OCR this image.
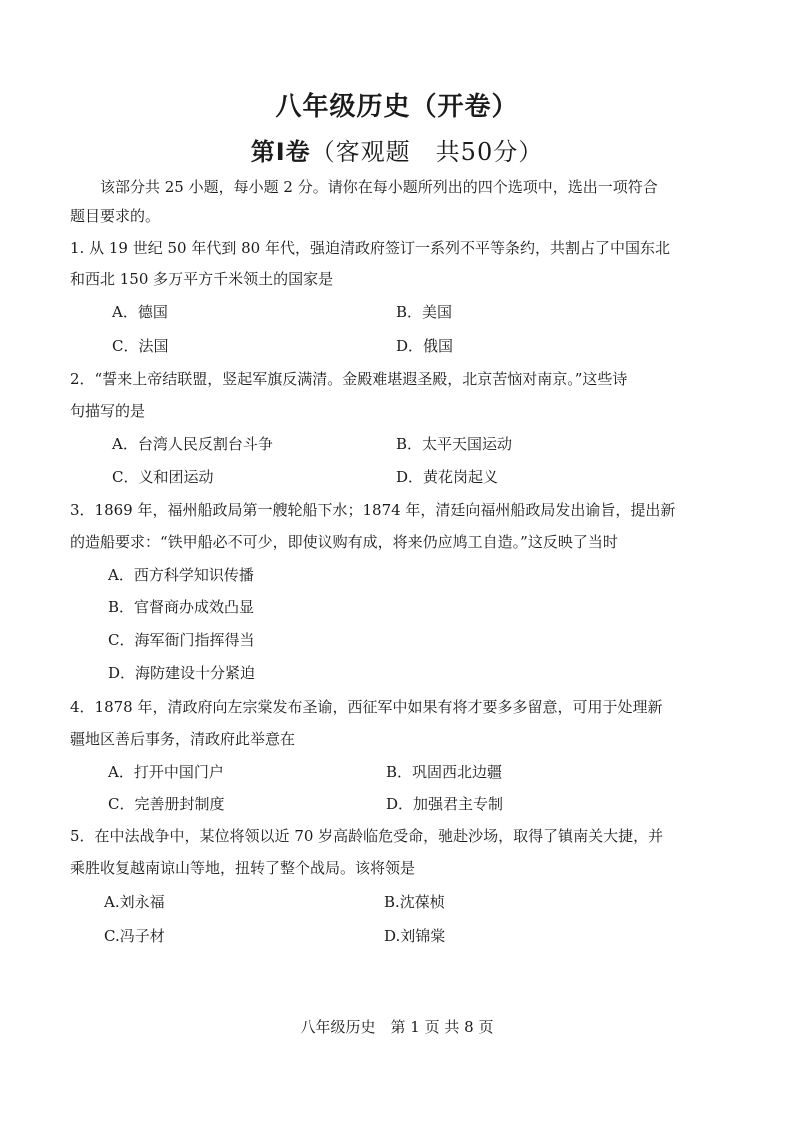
八年级历史（开卷）
第Ⅰ卷（客观题　共50分）
　　该部分共 25 小题，每小题 2 分。请你在每小题所列出的四个选项中，选出一项符合
题目要求的。
1. 从 19 世纪 50 年代到 80 年代，强迫清政府签订一系列不平等条约，共割占了中国东北
和西北 150 多万平方千米领土的国家是
A．德国	B．美国
C．法国	D．俄国
2．“誓来上帝结联盟，竖起军旗反满清。金殿难堪遐圣殿，北京苦恼对南京。”这些诗
句描写的是
A．台湾人民反割台斗争	B．太平天国运动
C．义和团运动	D．黄花岗起义
3．1869 年，福州船政局第一艘轮船下水；1874 年，清廷向福州船政局发出谕旨，提出新
的造船要求：“铁甲船必不可少，即使议购有成，将来仍应鸠工自造。”这反映了当时
A．西方科学知识传播
B．官督商办成效凸显
C．海军衙门指挥得当
D．海防建设十分紧迫
4．1878 年，清政府向左宗棠发布圣谕，西征军中如果有将才要多多留意，可用于处理新
疆地区善后事务，清政府此举意在
A．打开中国门户	B．巩固西北边疆
C．完善册封制度	D．加强君主专制
5．在中法战争中，某位将领以近 70 岁高龄临危受命，驰赴沙场，取得了镇南关大捷，并
乘胜收复越南谅山等地，扭转了整个战局。该将领是
A.刘永福	B.沈葆桢
C.冯子材	D.刘锦棠
八年级历史　第 1 页 共 8 页
